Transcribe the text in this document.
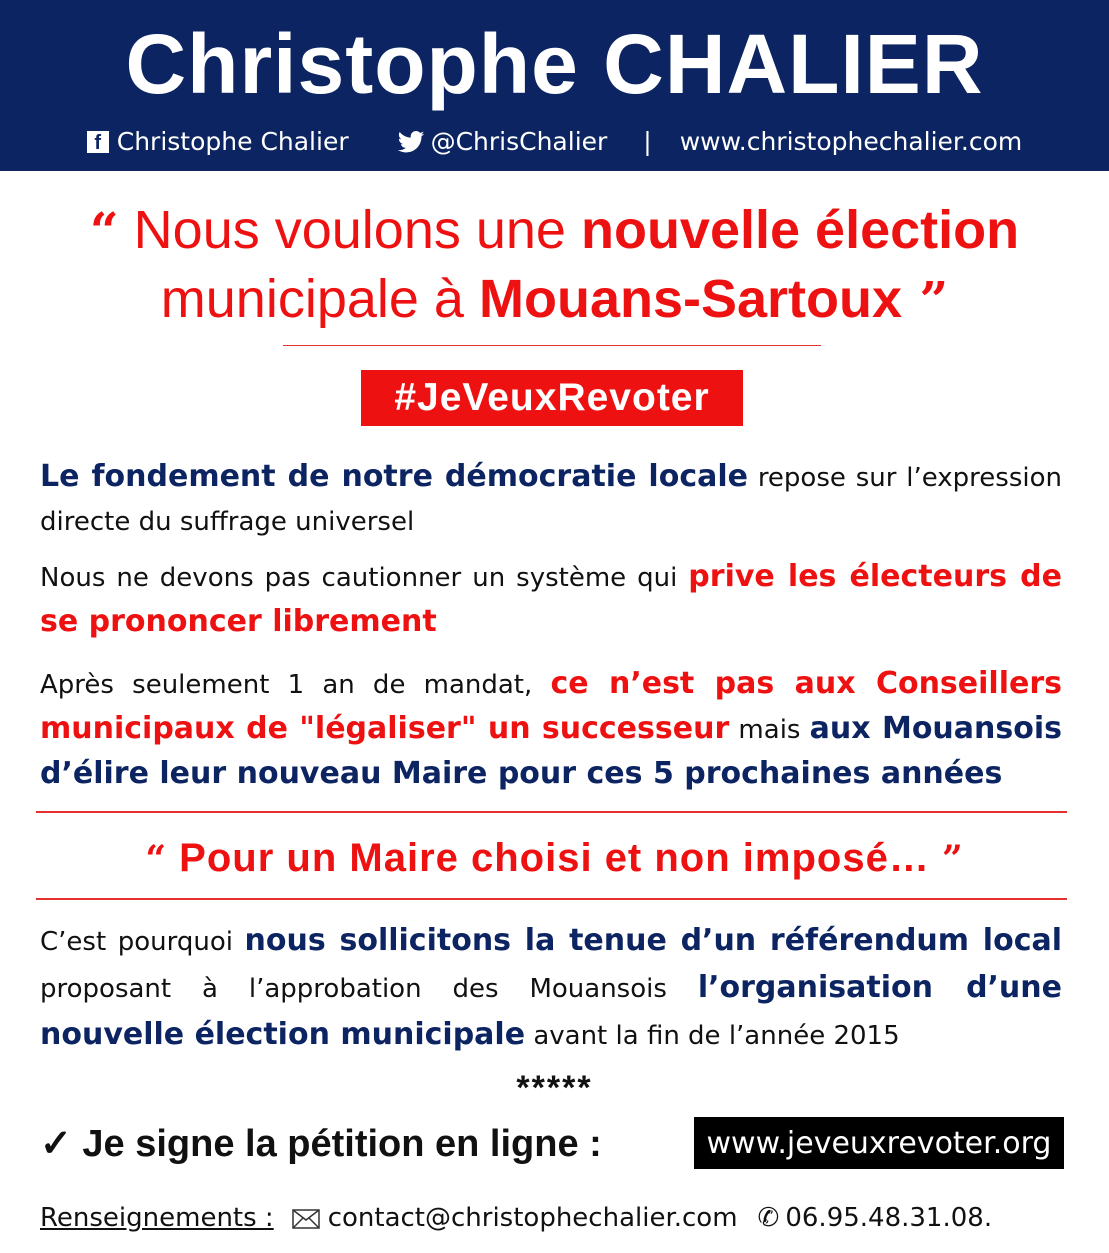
Christophe CHALIER
f Christophe Chalier	@ChrisChalier | www.christophechalier.com
“ Nous voulons une nouvelle élection
municipale à Mouans-Sartoux ”
#JeVeuxRevoter
Le fondement de notre démocratie locale repose sur l’expression directe du suffrage universel
Nous ne devons pas cautionner un système qui prive les électeurs de se prononcer librement
Après seulement 1 an de mandat, ce n’est pas aux Conseillers municipaux de "légaliser" un successeur mais aux Mouansois d’élire leur nouveau Maire pour ces 5 prochaines années
“ Pour un Maire choisi et non imposé… ”
C’est pourquoi nous sollicitons la tenue d’un référendum local proposant à l’approbation des Mouansois l’organisation d’une nouvelle élection municipale avant la fin de l’année 2015
*****
✓ Je signe la pétition en ligne :	www.jeveuxrevoter.org
Renseignements : contact@christophechalier.com ✆ 06.95.48.31.08.
